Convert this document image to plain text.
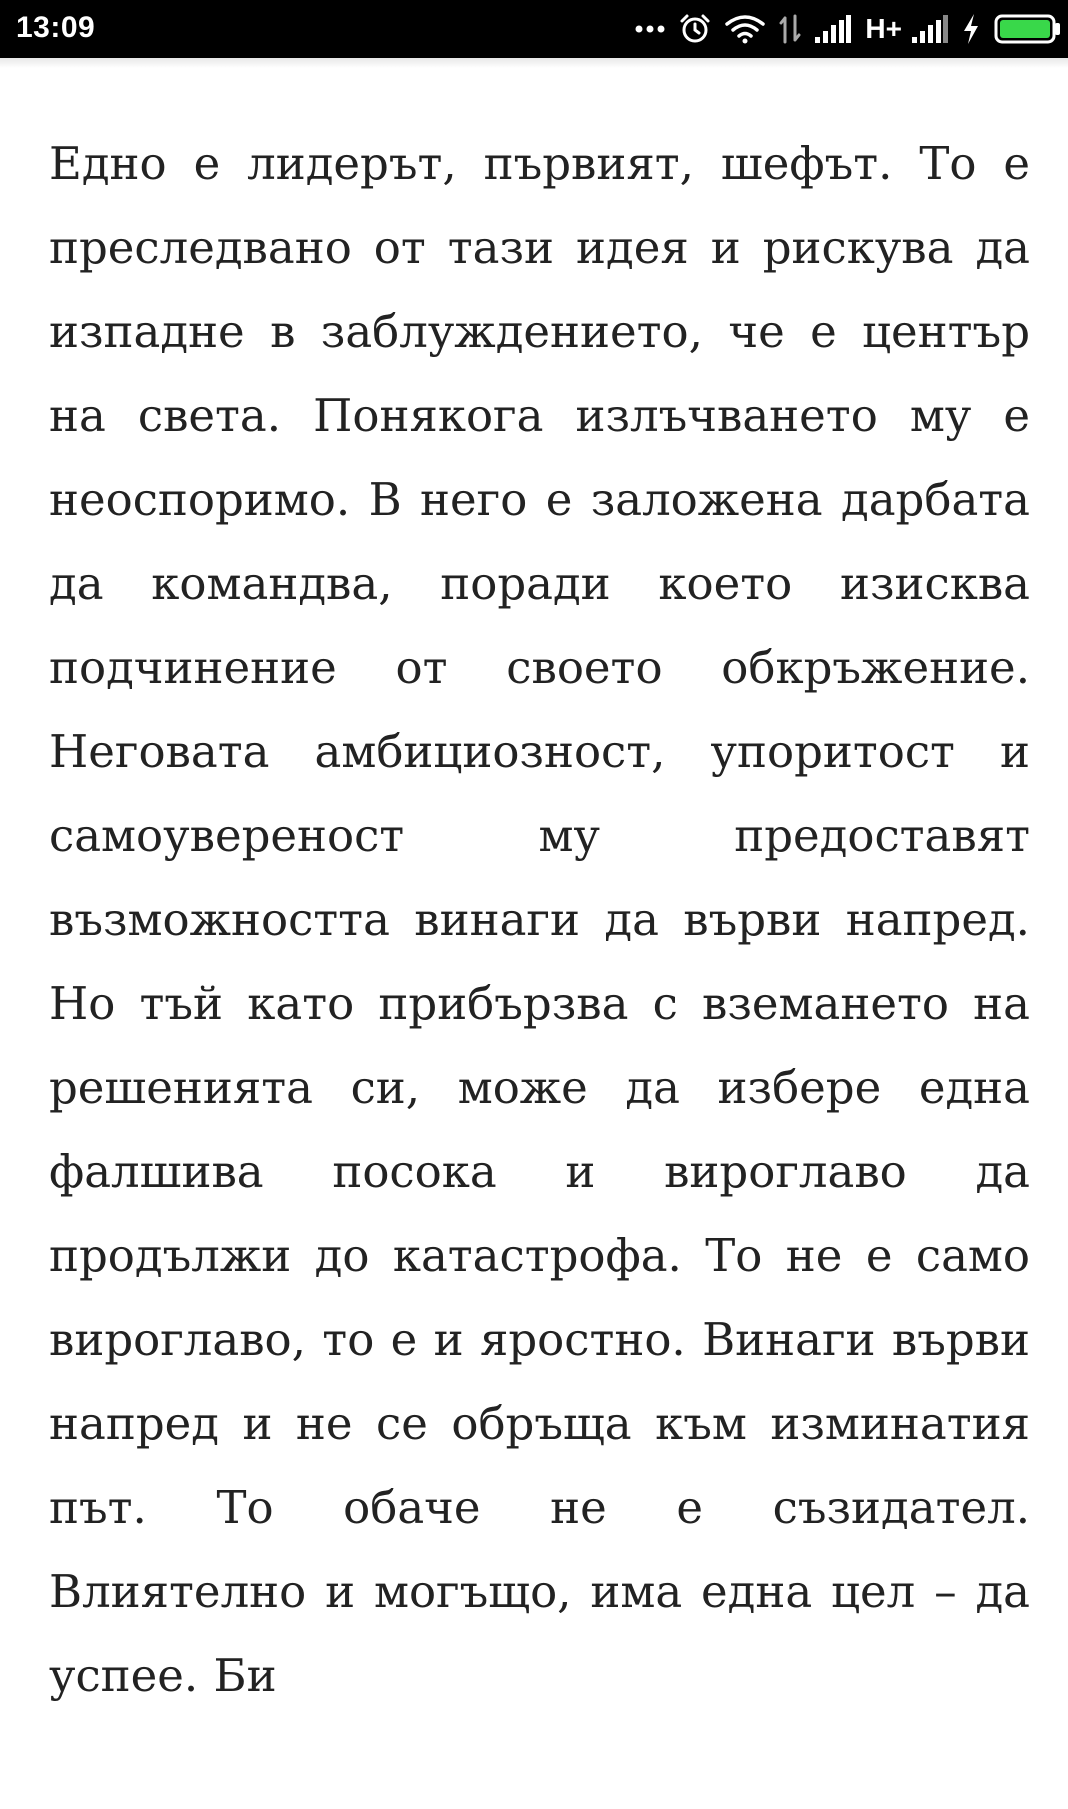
13:09	H+

Едно е лидерът, първият, шефът. То е преследвано от тази идея и рискува да изпадне в заблуждението, че е център на света. Понякога излъчването му е неоспоримо. В него е заложена дарбата да командва, поради което изисква подчинение от своето обкръжение. Неговата амбициозност, упоритост и самоувереност му предоставят възможността винаги да върви напред. Но тъй като прибързва с вземането на решенията си, може да избере една фалшива посока и вироглаво да продължи до катастрофа. То не е само вироглаво, то е и яростно. Винаги върви напред и не се обръща към изминатия път. То обаче не е съзидател. Влиятелно и могъщо, има една цел – да успее. Би
